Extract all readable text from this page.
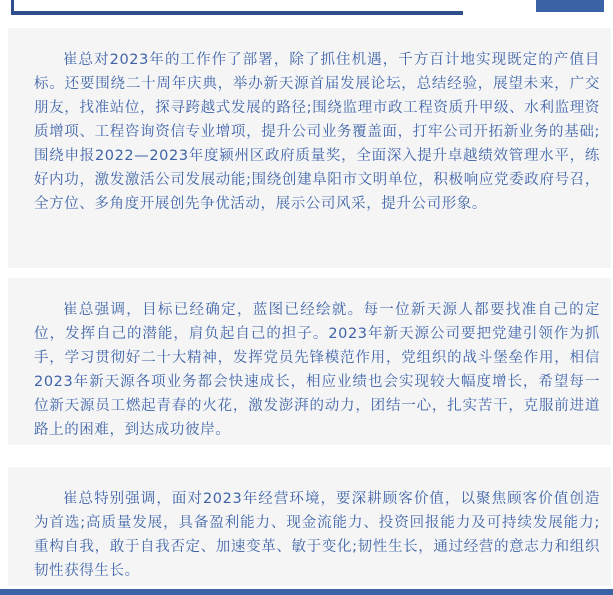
崔总对2023年的工作作了部署，除了抓住机遇，千方百计地实现既定的产值目标。还要围绕二十周年庆典，举办新天源首届发展论坛，总结经验，展望未来，广交朋友，找准站位，探寻跨越式发展的路径;围绕监理市政工程资质升甲级、水利监理资质增项、工程咨询资信专业增项，提升公司业务覆盖面，打牢公司开拓新业务的基础;围绕申报2022—2023年度颍州区政府质量奖，全面深入提升卓越绩效管理水平，练好内功，激发激活公司发展动能;围绕创建阜阳市文明单位，积极响应党委政府号召，全方位、多角度开展创先争优活动，展示公司风采，提升公司形象。

崔总强调，目标已经确定，蓝图已经绘就。每一位新天源人都要找准自己的定位，发挥自己的潜能，肩负起自己的担子。2023年新天源公司要把党建引领作为抓手，学习贯彻好二十大精神，发挥党员先锋模范作用，党组织的战斗堡垒作用，相信2023年新天源各项业务都会快速成长，相应业绩也会实现较大幅度增长，希望每一位新天源员工燃起青春的火花，激发澎湃的动力，团结一心，扎实苦干，克服前进道路上的困难，到达成功彼岸。

崔总特别强调，面对2023年经营环境，要深耕顾客价值，以聚焦顾客价值创造为首选;高质量发展，具备盈利能力、现金流能力、投资回报能力及可持续发展能力;重构自我，敢于自我否定、加速变革、敏于变化;韧性生长，通过经营的意志力和组织韧性获得生长。
